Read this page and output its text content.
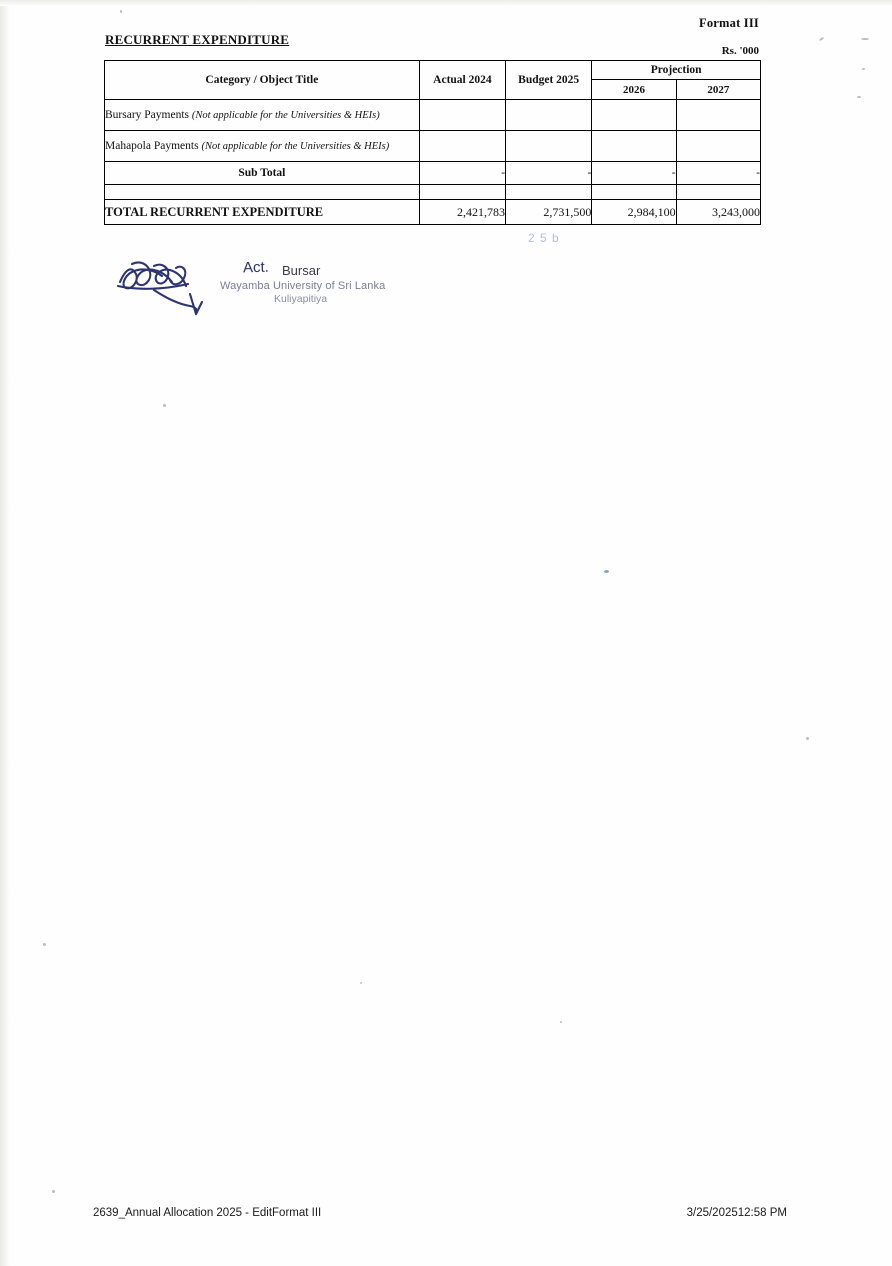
Format III
RECURRENT EXPENDITURE
Rs. '000
Category / Object Title	Actual 2024	Budget 2025	Projection	
			2026	2027
Bursary Payments (Not applicable for the Universities & HEIs)				
Mahapola Payments (Not applicable for the Universities & HEIs)				
Sub Total	-	-	-	-

TOTAL RECURRENT EXPENDITURE	2,421,783	2,731,500	2,984,100	3,243,000
Act. Bursar
Wayamba University of Sri Lanka
Kuliyapitiya
2 5 b
2639_Annual Allocation 2025 - EditFormat III	3/25/202512:58 PM
